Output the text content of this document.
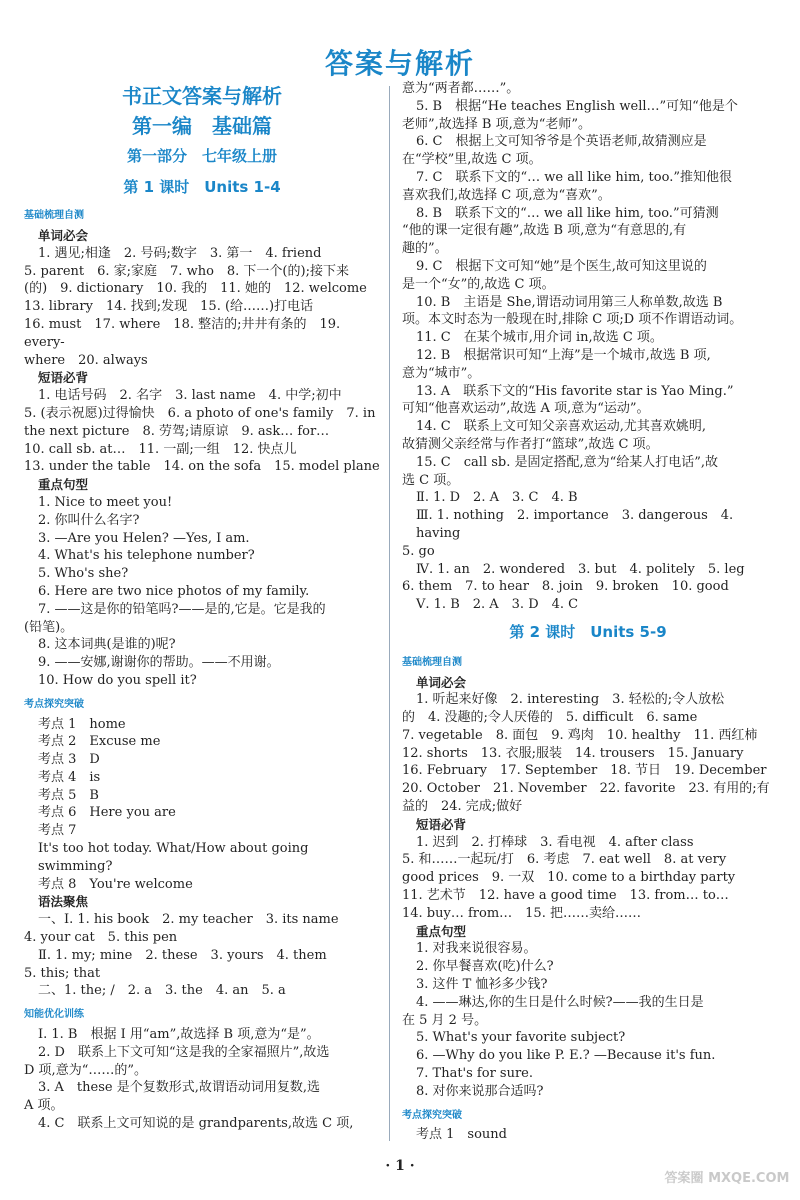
答案与解析
书正文答案与解析
第一编　基础篇
第一部分　七年级上册
第 1 课时　Units 1-4
基础梳理自测
单词必会
1. 遇见;相逢　2. 号码;数字　3. 第一　4. friend
5. parent　6. 家;家庭　7. who　8. 下一个(的);接下来
(的)　9. dictionary　10. 我的　11. 她的　12. welcome
13. library　14. 找到;发现　15. (给……)打电话
16. must　17. where　18. 整洁的;井井有条的　19. every-
where　20. always
短语必背
1. 电话号码　2. 名字　3. last name　4. 中学;初中
5. (表示祝愿)过得愉快　6. a photo of one's family　7. in
the next picture　8. 劳驾;请原谅　9. ask… for…
10. call sb. at…　11. 一副;一组　12. 快点儿
13. under the table　14. on the sofa　15. model plane
重点句型
1. Nice to meet you!
2. 你叫什么名字?
3. —Are you Helen? —Yes, I am.
4. What's his telephone number?
5. Who's she?
6. Here are two nice photos of my family.
7. ——这是你的铅笔吗?——是的,它是。它是我的
(铅笔)。
8. 这本词典(是谁的)呢?
9. ——安娜,谢谢你的帮助。——不用谢。
10. How do you spell it?
考点探究突破
考点 1　home
考点 2　Excuse me
考点 3　D
考点 4　is
考点 5　B
考点 6　Here you are
考点 7
It's too hot today. What/How about going swimming?
考点 8　You're welcome
语法聚焦
一、Ⅰ. 1. his book　2. my teacher　3. its name
4. your cat　5. this pen
Ⅱ. 1. my; mine　2. these　3. yours　4. them
5. this; that
二、1. the; /　2. a　3. the　4. an　5. a
知能优化训练
Ⅰ. 1. B　根据 I 用“am”,故选择 B 项,意为“是”。
2. D　联系上下文可知“这是我的全家福照片”,故选
D 项,意为“……的”。
3. A　these 是个复数形式,故谓语动词用复数,选
A 项。
4. C　联系上文可知说的是 grandparents,故选 C 项,
意为“两者都……”。
5. B　根据“He teaches English well…”可知“他是个
老师”,故选择 B 项,意为“老师”。
6. C　根据上文可知爷爷是个英语老师,故猜测应是
在“学校”里,故选 C 项。
7. C　联系下文的“… we all like him, too.”推知他很
喜欢我们,故选择 C 项,意为“喜欢”。
8. B　联系下文的“… we all like him, too.”可猜测
“他的课一定很有趣”,故选 B 项,意为“有意思的,有
趣的”。
9. C　根据下文可知“她”是个医生,故可知这里说的
是一个“女”的,故选 C 项。
10. B　主语是 She,谓语动词用第三人称单数,故选 B
项。本文时态为一般现在时,排除 C 项;D 项不作谓语动词。
11. C　在某个城市,用介词 in,故选 C 项。
12. B　根据常识可知“上海”是一个城市,故选 B 项,
意为“城市”。
13. A　联系下文的“His favorite star is Yao Ming.”
可知“他喜欢运动”,故选 A 项,意为“运动”。
14. C　联系上文可知父亲喜欢运动,尤其喜欢姚明,
故猜测父亲经常与作者打“篮球”,故选 C 项。
15. C　call sb. 是固定搭配,意为“给某人打电话”,故
选 C 项。
Ⅱ. 1. D　2. A　3. C　4. B
Ⅲ. 1. nothing　2. importance　3. dangerous　4. having
5. go
Ⅳ. 1. an　2. wondered　3. but　4. politely　5. leg
6. them　7. to hear　8. join　9. broken　10. good
Ⅴ. 1. B　2. A　3. D　4. C
第 2 课时　Units 5-9
基础梳理自测
单词必会
1. 听起来好像　2. interesting　3. 轻松的;令人放松
的　4. 没趣的;令人厌倦的　5. difficult　6. same
7. vegetable　8. 面包　9. 鸡肉　10. healthy　11. 西红柿
12. shorts　13. 衣服;服装　14. trousers　15. January
16. February　17. September　18. 节日　19. December
20. October　21. November　22. favorite　23. 有用的;有
益的　24. 完成;做好
短语必背
1. 迟到　2. 打棒球　3. 看电视　4. after class
5. 和……一起玩/打　6. 考虑　7. eat well　8. at very
good prices　9. 一双　10. come to a birthday party
11. 艺术节　12. have a good time　13. from… to…
14. buy… from…　15. 把……卖给……
重点句型
1. 对我来说很容易。
2. 你早餐喜欢(吃)什么?
3. 这件 T 恤衫多少钱?
4. ——琳达,你的生日是什么时候?——我的生日是
在 5 月 2 号。
5. What's your favorite subject?
6. —Why do you like P. E.? —Because it's fun.
7. That's for sure.
8. 对你来说那合适吗?
考点探究突破
考点 1　sound
· 1 ·
答案圈 MXQE.COM
